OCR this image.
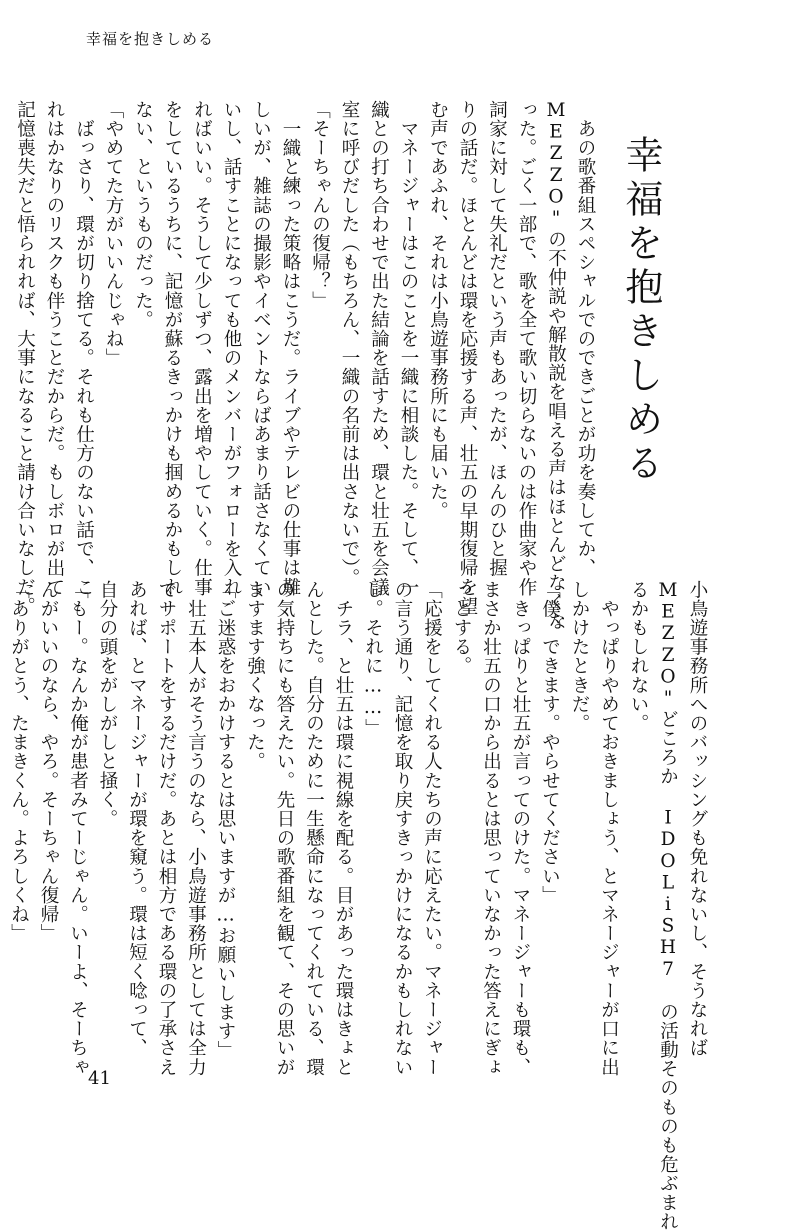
幸福を抱きしめる
幸福を抱きしめる

　あの歌番組スペシャルでのできごとが功を奏してか、

MEZZO"の不仲説や解散説を唱える声はほとんどなくな

った。ごく一部で、歌を全て歌い切らないのは作曲家や作

詞家に対して失礼だという声もあったが、ほんのひと握

りの話だ。ほとんどは環を応援する声、壮五の早期復帰を望

む声であふれ、それは小鳥遊事務所にも届いた。

　マネージャーはこのことを一織に相談した。そして、一

織との打ち合わせで出た結論を話すため、環と壮五を会議

室に呼びだした（もちろん、一織の名前は出さないで）。

「そーちゃんの復帰？」

　一織と練った策略はこうだ。ライブやテレビの仕事は難

しいが、雑誌の撮影やイベントならばあまり話さなくてい

いし、話すことになっても他のメンバーがフォローを入れ

ればいい。そうして少しずつ、露出を増やしていく。仕事

をしているうちに、記憶が蘇るきっかけも掴めるかもしれ

ない、というものだった。

「やめてた方がいいんじゃね」

　ばっさり、環が切り捨てる。それも仕方のない話で、こ

れはかなりのリスクも伴うことだからだ。もしボロが出て

記憶喪失だと悟られれば、大事になること請け合いなしだ。

小鳥遊事務所へのバッシングも免れないし、そうなれば

MEZZO"どころか IDOLiSH7 の活動そのものも危ぶまれ

るかもしれない。

　やっぱりやめておきましょう、とマネージャーが口に出

しかけたときだ。

「僕、できます。やらせてください」

　きっぱりと壮五が言ってのけた。マネージャーも環も、

まさか壮五の口から出るとは思っていなかった答えにぎょ

っとする。

「応援をしてくれる人たちの声に応えたい。マネージャー

の言う通り、記憶を取り戻すきっかけになるかもしれない

し。それに……」

　チラ、と壮五は環に視線を配る。目があった環はきょと

んとした。自分のために一生懸命になってくれている、環

の気持ちにも答えたい。先日の歌番組を観て、その思いが

ますます強くなった。

「ご迷惑をおかけするとは思いますが…お願いします」

　壮五本人がそう言うのなら、小鳥遊事務所としては全力

でサポートをするだけだ。あとは相方である環の了承さえ

あれば、とマネージャーが環を窺う。環は短く唸って、

自分の頭をがしがしと掻く。

「もー。なんか俺が患者みてーじゃん。いーよ、そーちゃ

んがいいのなら、やろ。そーちゃん復帰」

「ありがとう、たまきくん。よろしくね」

41
